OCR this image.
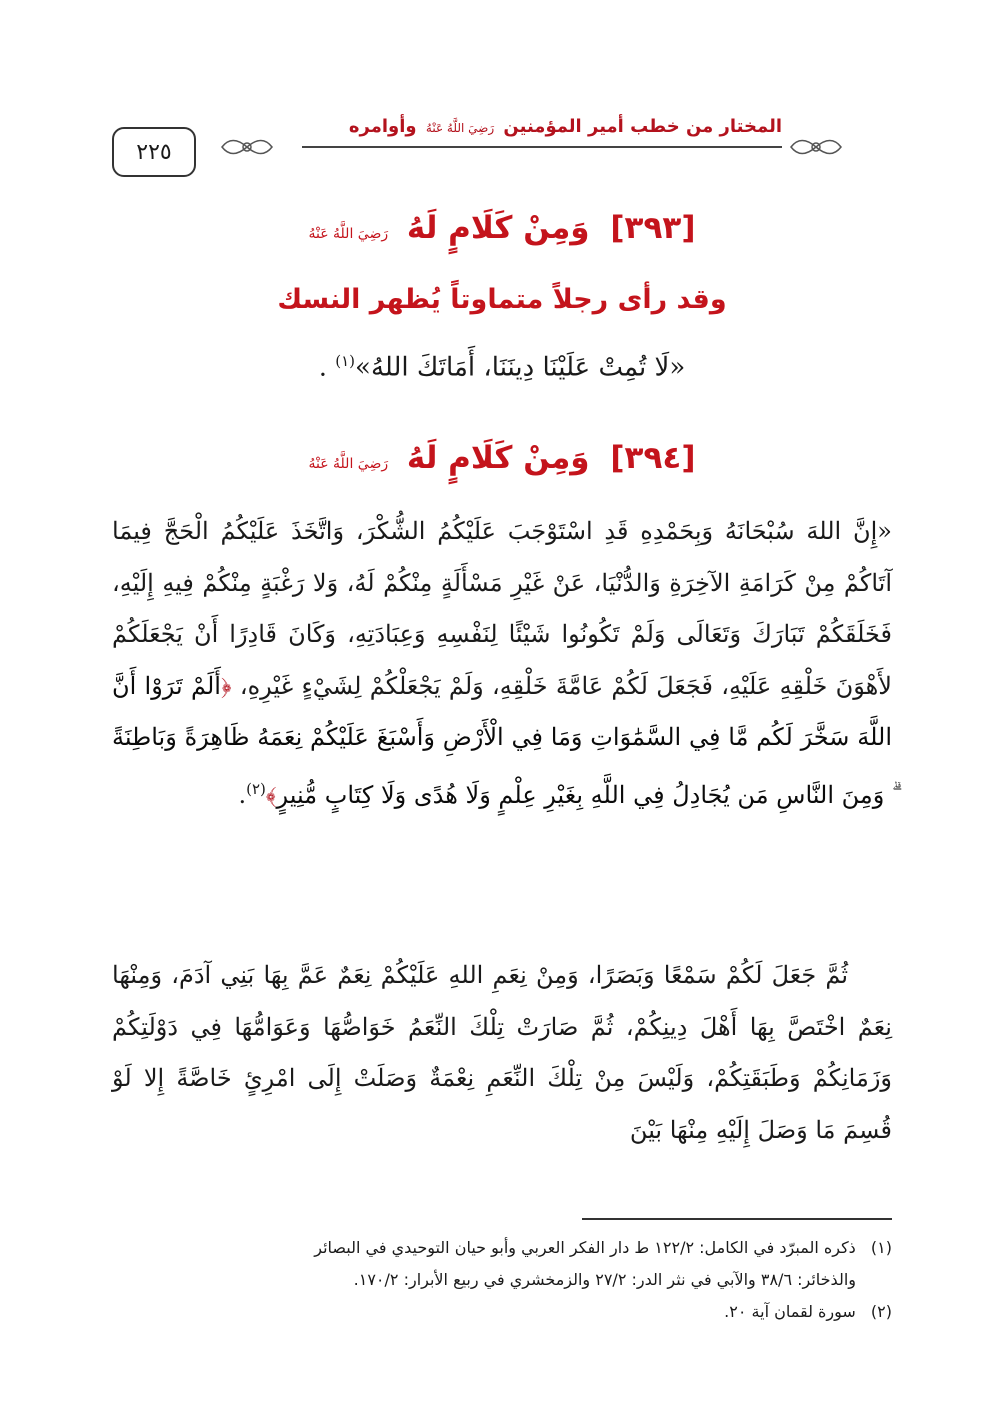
٢٢٥
المختار من خطب أمير المؤمنين رَضِيَ اللَّهُ عَنْهُ وأوامره
[٣٩٣] وَمِنْ كَلَامٍ لَهُ رَضِيَ اللَّهُ عَنْهُ
وقد رأى رجلاً متماوتاً يُظهر النسك
«لَا تُمِتْ عَلَيْنَا دِينَنَا، أَمَاتَكَ اللهُ»$^{(١)}$ .
[٣٩٤] وَمِنْ كَلَامٍ لَهُ رَضِيَ اللَّهُ عَنْهُ
«إِنَّ اللهَ سُبْحَانَهُ وَبِحَمْدِهِ قَدِ اسْتَوْجَبَ عَلَيْكُمُ الشُّكْرَ، وَاتَّخَذَ عَلَيْكُمُ الْحَجَّ فِيمَا آتَاكُمْ مِنْ كَرَامَةِ الآخِرَةِ وَالدُّنْيَا، عَنْ غَيْرِ مَسْأَلَةٍ مِنْكُمْ لَهُ، وَلا رَغْبَةٍ مِنْكُمْ فِيهِ إِلَيْهِ، فَخَلَقَكُمْ تَبَارَكَ وَتَعَالَى وَلَمْ تَكُونُوا شَيْئًا لِنَفْسِهِ وَعِبَادَتِهِ، وَكَانَ قَادِرًا أَنْ يَجْعَلَكُمْ لأَهْوَنَ خَلْقِهِ عَلَيْهِ، فَجَعَلَ لَكُمْ عَامَّةَ خَلْقِهِ، وَلَمْ يَجْعَلْكُمْ لِشَيْءٍ غَيْرِهِ، ﴿أَلَمْ تَرَوْا أَنَّ اللَّهَ سَخَّرَ لَكُم مَّا فِي السَّمَٰوَاتِ وَمَا فِي الْأَرْضِ وَأَسْبَغَ عَلَيْكُمْ نِعَمَهُ ظَاهِرَةً وَبَاطِنَةً ۗ وَمِنَ النَّاسِ مَن يُجَادِلُ فِي اللَّهِ بِغَيْرِ عِلْمٍ وَلَا هُدًى وَلَا كِتَابٍ مُّنِيرٍ﴾$^{(٢)}$.
ثُمَّ جَعَلَ لَكُمْ سَمْعًا وَبَصَرًا، وَمِنْ نِعَمِ اللهِ عَلَيْكُمْ نِعَمٌ عَمَّ بِهَا بَنِي آدَمَ، وَمِنْهَا نِعَمٌ اخْتَصَّ بِهَا أَهْلَ دِينِكُمْ، ثُمَّ صَارَتْ تِلْكَ النِّعَمُ خَوَاصُّهَا وَعَوَامُّهَا فِي دَوْلَتِكُمْ وَزَمَانِكُمْ وَطَبَقَتِكُمْ، وَلَيْسَ مِنْ تِلْكَ النِّعَمِ نِعْمَةٌ وَصَلَتْ إِلَى امْرِئٍ خَاصَّةً إِلا لَوْ قُسِمَ مَا وَصَلَ إِلَيْهِ مِنْهَا بَيْنَ
(١) ذكره المبرّد في الكامل: ١٢٢/٢ ط دار الفكر العربي وأبو حيان التوحيدي في البصائر
والذخائر: ٣٨/٦ والآبي في نثر الدر: ٢٧/٢ والزمخشري في ربيع الأبرار: ١٧٠/٢.
(٢) سورة لقمان آية ٢٠.
